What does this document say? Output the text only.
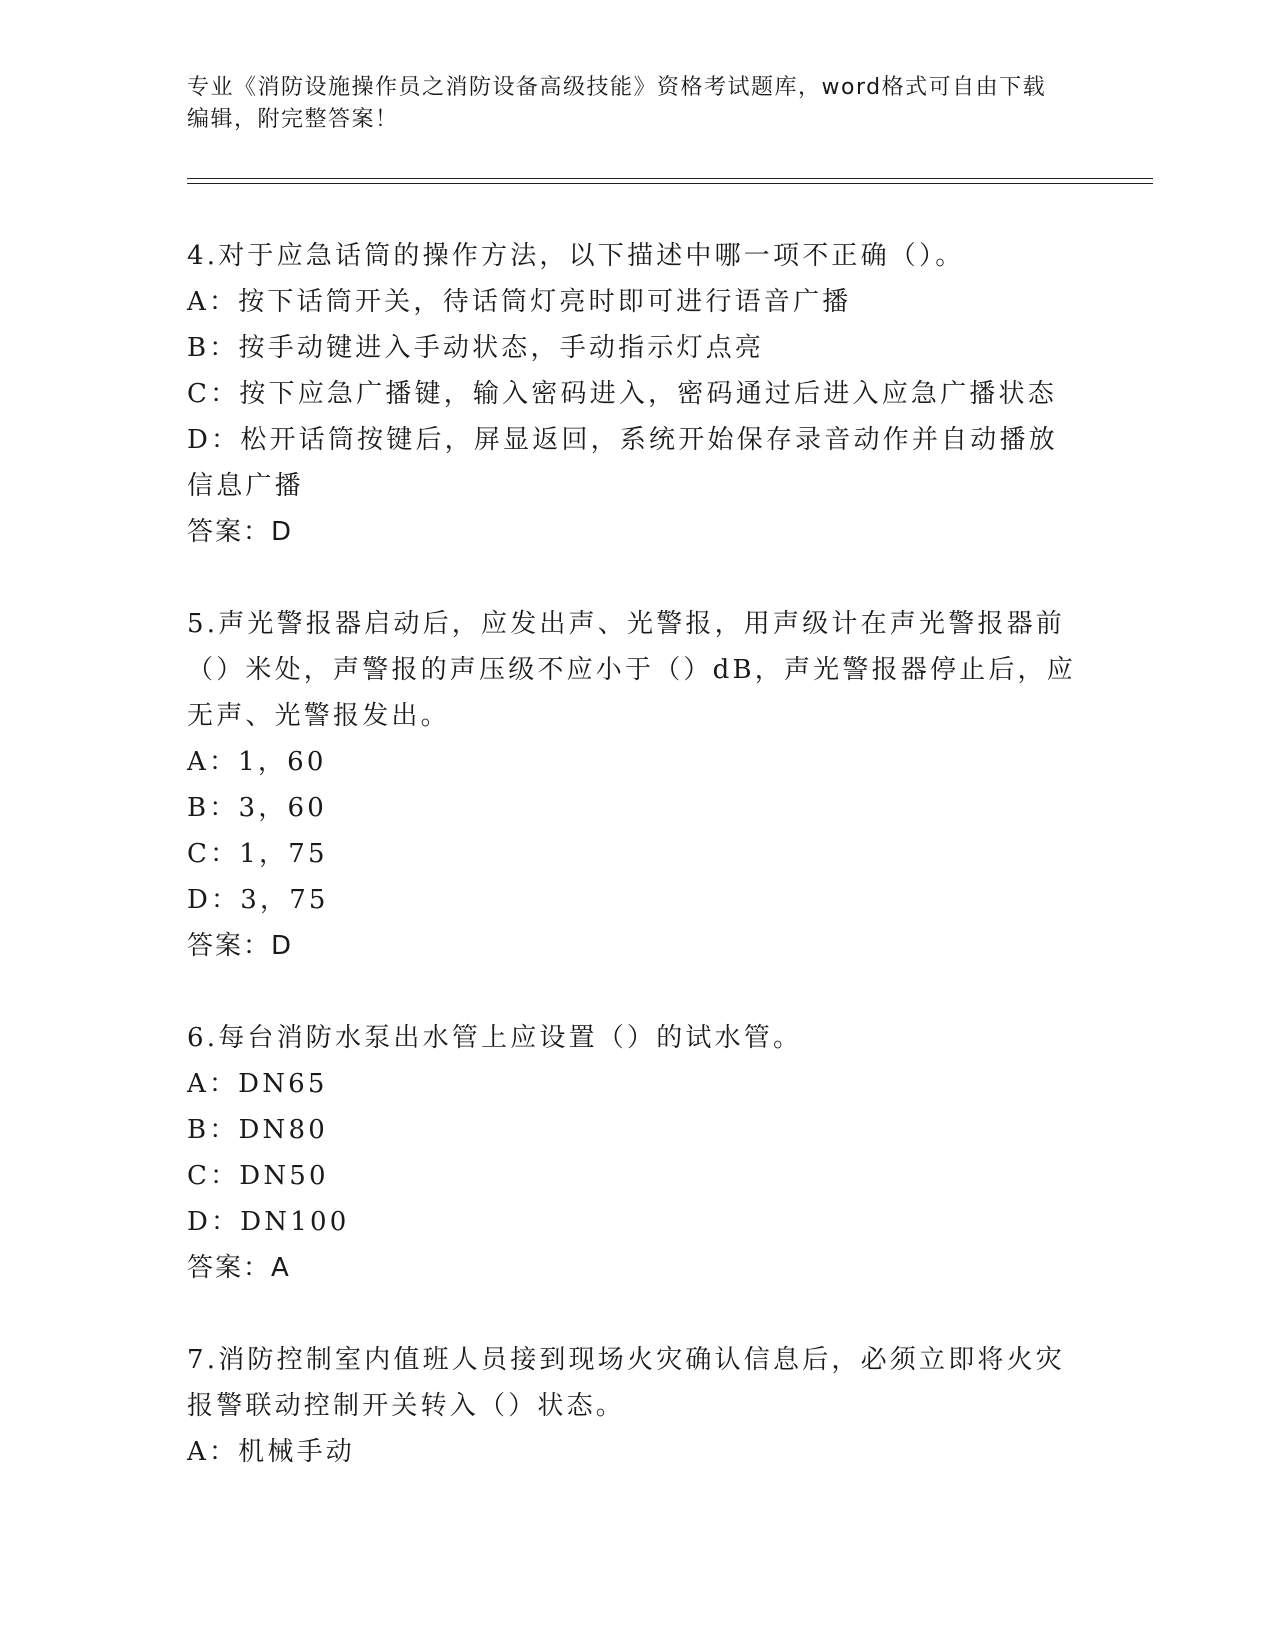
专业《消防设施操作员之消防设备高级技能》资格考试题库，word格式可自由下载编辑，附完整答案！

4.对于应急话筒的操作方法，以下描述中哪一项不正确（）。

A：按下话筒开关，待话筒灯亮时即可进行语音广播

B：按手动键进入手动状态，手动指示灯点亮

C：按下应急广播键，输入密码进入，密码通过后进入应急广播状态

D：松开话筒按键后，屏显返回，系统开始保存录音动作并自动播放信息广播

答案：D

5.声光警报器启动后，应发出声、光警报，用声级计在声光警报器前（）米处，声警报的声压级不应小于（）dB，声光警报器停止后，应无声、光警报发出。

A：1，60

B：3，60

C：1，75

D：3，75

答案：D

6.每台消防水泵出水管上应设置（）的试水管。

A：DN65

B：DN80

C：DN50

D：DN100

答案：A

7.消防控制室内值班人员接到现场火灾确认信息后，必须立即将火灾报警联动控制开关转入（）状态。

A：机械手动
